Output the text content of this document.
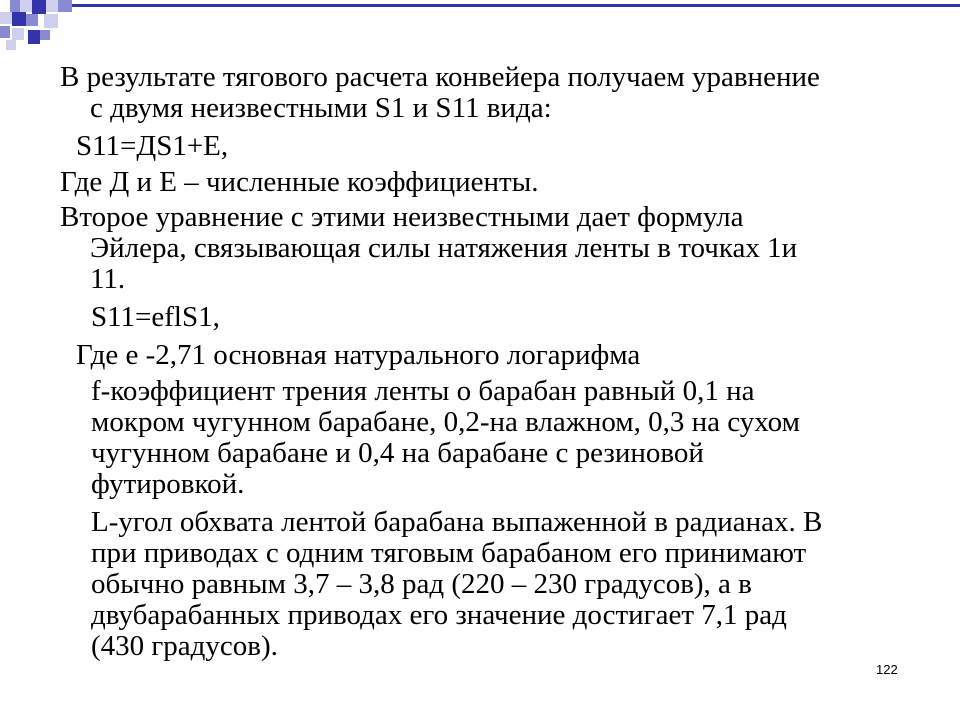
В результате тягового расчета конвейера получаем уравнение
с двумя неизвестными S1 и S11 вида:
S11=ДS1+E,
Где Д и Е – численные коэффициенты.
Второе уравнение с этими неизвестными дает формула
Эйлера, связывающая силы натяжения ленты в точках 1и
11.
S11=eflS1,
Где е -2,71 основная натурального логарифма
f-коэффициент трения ленты о барабан равный 0,1 на
мокром чугунном барабане, 0,2-на влажном, 0,3 на сухом
чугунном барабане и 0,4 на барабане с резиновой
футировкой.
L-угол обхвата лентой барабана выпаженной в радианах. В
при приводах с одним тяговым барабаном его принимают
обычно равным 3,7 – 3,8 рад (220 – 230 градусов), а в
двубарабанных приводах его значение достигает 7,1 рад
(430 градусов).
122
